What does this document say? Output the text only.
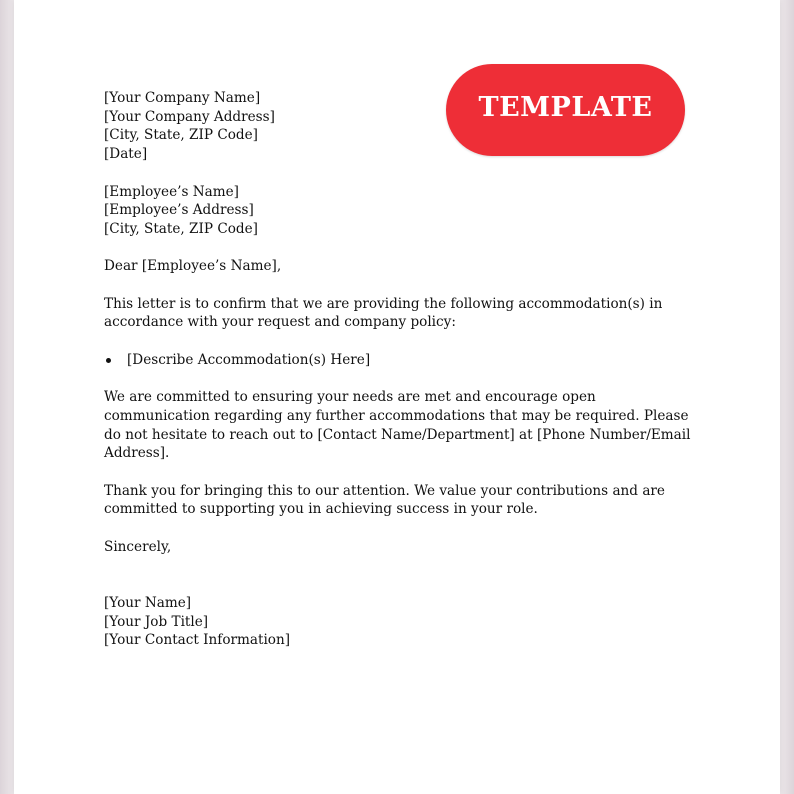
TEMPLATE
[Your Company Name]
[Your Company Address]
[City, State, ZIP Code]
[Date]
[Employee’s Name]
[Employee’s Address]
[City, State, ZIP Code]
Dear [Employee’s Name],
This letter is to confirm that we are providing the following accommodation(s) in accordance with your request and company policy:
[Describe Accommodation(s) Here]
We are committed to ensuring your needs are met and encourage open communication regarding any further accommodations that may be required. Please do not hesitate to reach out to [Contact Name/Department] at [Phone Number/Email Address].
Thank you for bringing this to our attention. We value your contributions and are committed to supporting you in achieving success in your role.
Sincerely,
[Your Name]
[Your Job Title]
[Your Contact Information]
